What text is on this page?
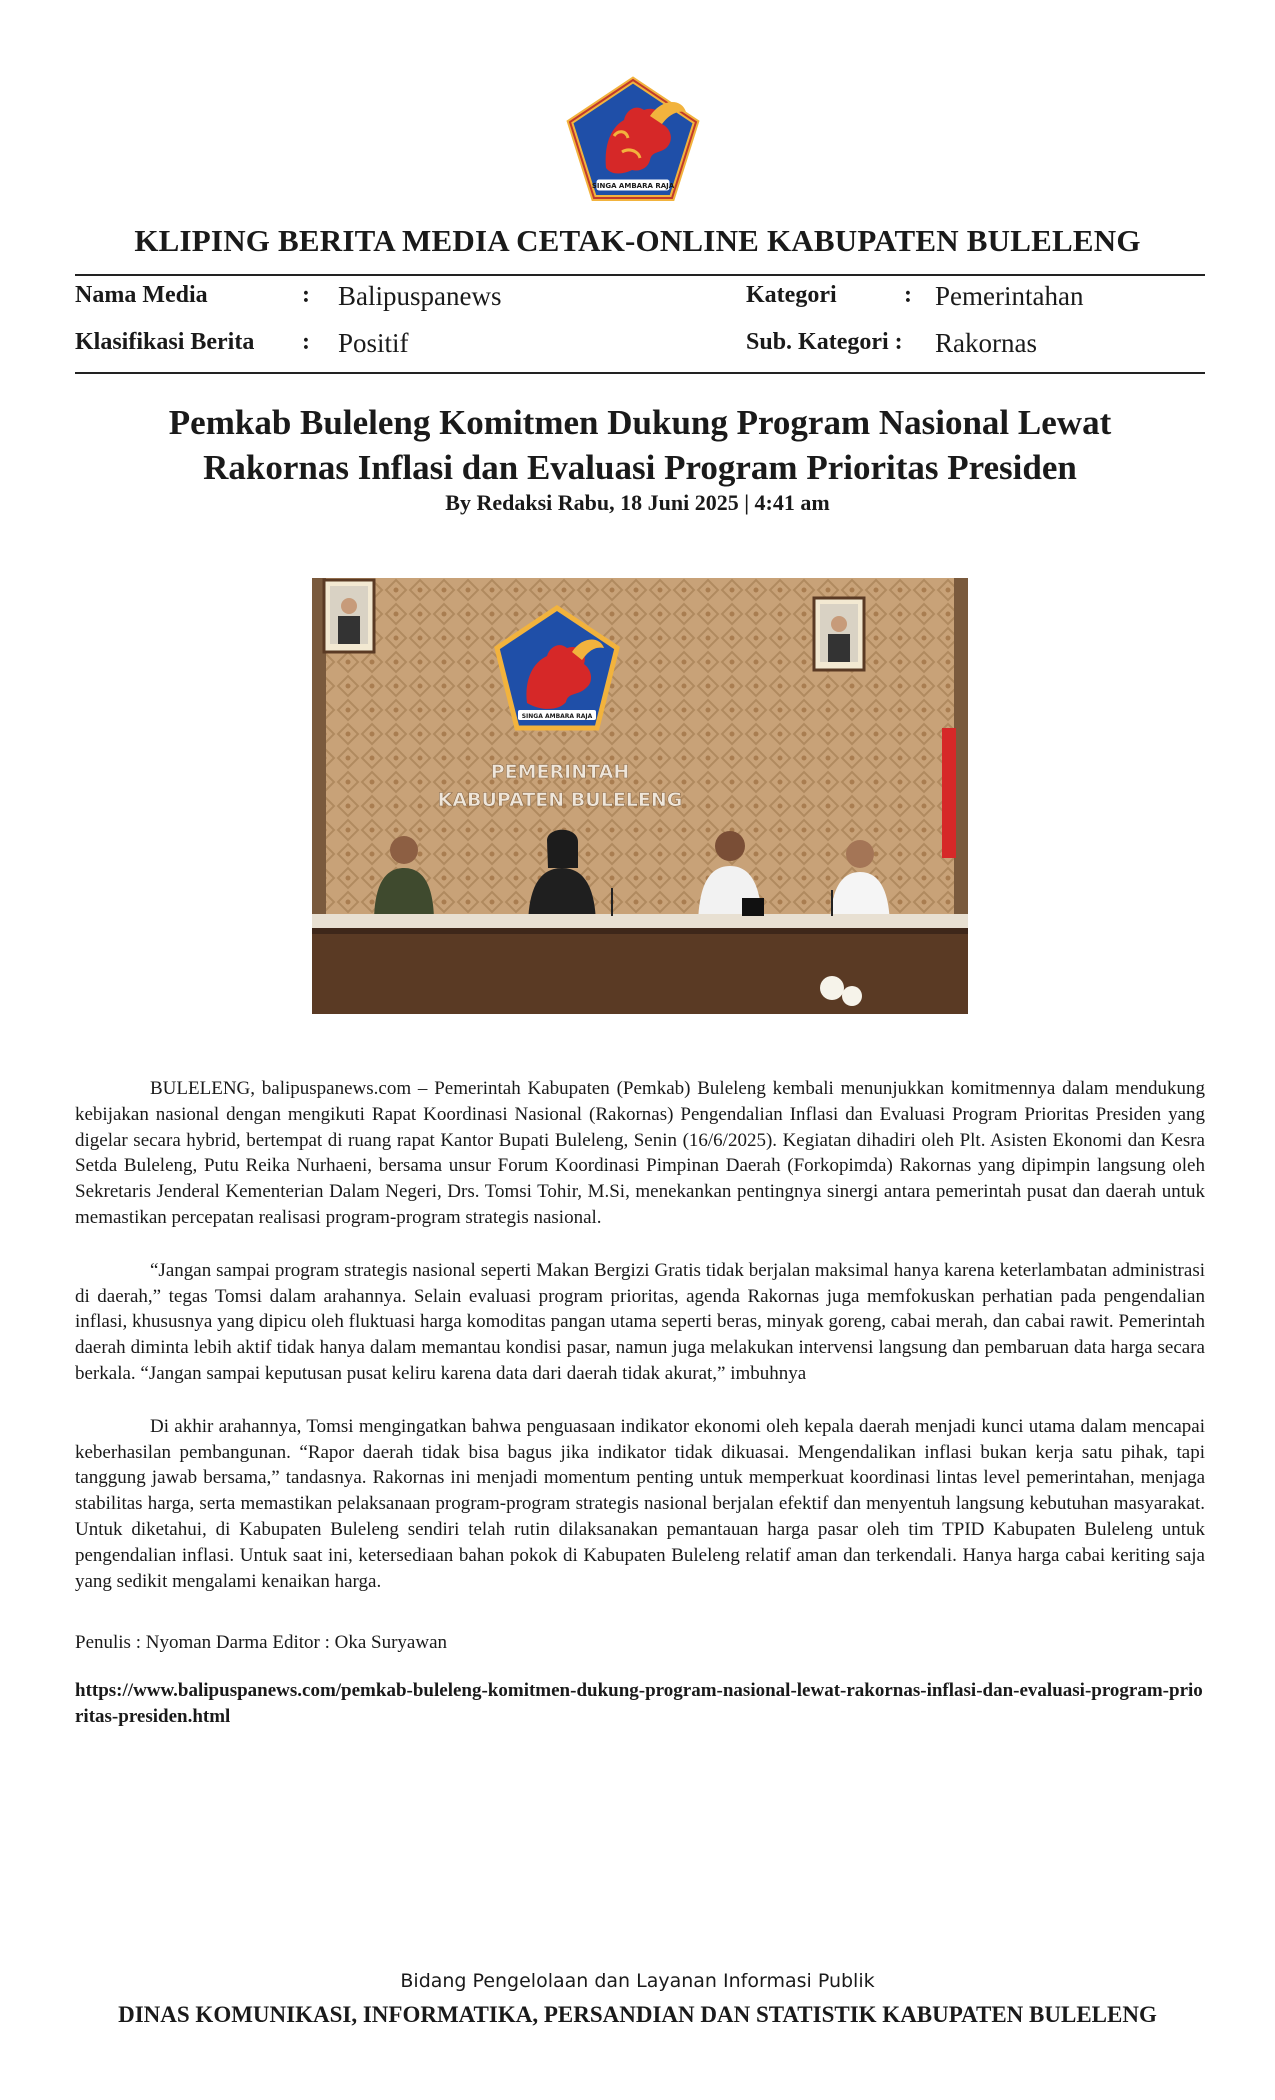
SINGA AMBARA RAJA
KLIPING BERITA MEDIA CETAK-ONLINE KABUPATEN BULELENG
Nama Media	: Balipuspanews	Kategori	: Pemerintahan
Klasifikasi Berita : Positif	Sub. Kategori : Rakornas
Pemkab Buleleng Komitmen Dukung Program Nasional Lewat
Rakornas Inflasi dan Evaluasi Program Prioritas Presiden
By Redaksi Rabu, 18 Juni 2025 | 4:41 am
SINGA AMBARA RAJA
PEMERINTAH
KABUPATEN BULELENG

BULELENG, balipuspanews.com – Pemerintah Kabupaten (Pemkab) Buleleng kembali menunjukkan komitmennya dalam mendukung kebijakan nasional dengan mengikuti Rapat Koordinasi Nasional (Rakornas) Pengendalian Inflasi dan Evaluasi Program Prioritas Presiden yang digelar secara hybrid, bertempat di ruang rapat Kantor Bupati Buleleng, Senin (16/6/2025). Kegiatan dihadiri oleh Plt. Asisten Ekonomi dan Kesra Setda Buleleng, Putu Reika Nurhaeni, bersama unsur Forum Koordinasi Pimpinan Daerah (Forkopimda) Rakornas yang dipimpin langsung oleh Sekretaris Jenderal Kementerian Dalam Negeri, Drs. Tomsi Tohir, M.Si, menekankan pentingnya sinergi antara pemerintah pusat dan daerah untuk memastikan percepatan realisasi program-program strategis nasional.

“Jangan sampai program strategis nasional seperti Makan Bergizi Gratis tidak berjalan maksimal hanya karena keterlambatan administrasi di daerah,” tegas Tomsi dalam arahannya. Selain evaluasi program prioritas, agenda Rakornas juga memfokuskan perhatian pada pengendalian inflasi, khususnya yang dipicu oleh fluktuasi harga komoditas pangan utama seperti beras, minyak goreng, cabai merah, dan cabai rawit. Pemerintah daerah diminta lebih aktif tidak hanya dalam memantau kondisi pasar, namun juga melakukan intervensi langsung dan pembaruan data harga secara berkala. “Jangan sampai keputusan pusat keliru karena data dari daerah tidak akurat,” imbuhnya

Di akhir arahannya, Tomsi mengingatkan bahwa penguasaan indikator ekonomi oleh kepala daerah menjadi kunci utama dalam mencapai keberhasilan pembangunan. “Rapor daerah tidak bisa bagus jika indikator tidak dikuasai. Mengendalikan inflasi bukan kerja satu pihak, tapi tanggung jawab bersama,” tandasnya. Rakornas ini menjadi momentum penting untuk memperkuat koordinasi lintas level pemerintahan, menjaga stabilitas harga, serta memastikan pelaksanaan program-program strategis nasional berjalan efektif dan menyentuh langsung kebutuhan masyarakat. Untuk diketahui, di Kabupaten Buleleng sendiri telah rutin dilaksanakan pemantauan harga pasar oleh tim TPID Kabupaten Buleleng untuk pengendalian inflasi. Untuk saat ini, ketersediaan bahan pokok di Kabupaten Buleleng relatif aman dan terkendali. Hanya harga cabai keriting saja yang sedikit mengalami kenaikan harga.

Penulis : Nyoman Darma Editor : Oka Suryawan
https://www.balipuspanews.com/pemkab-buleleng-komitmen-dukung-program-nasional-lewat-rakornas-inflasi-dan-evaluasi-program-prioritas-presiden.html
Bidang Pengelolaan dan Layanan Informasi Publik
DINAS KOMUNIKASI, INFORMATIKA, PERSANDIAN DAN STATISTIK KABUPATEN BULELENG
